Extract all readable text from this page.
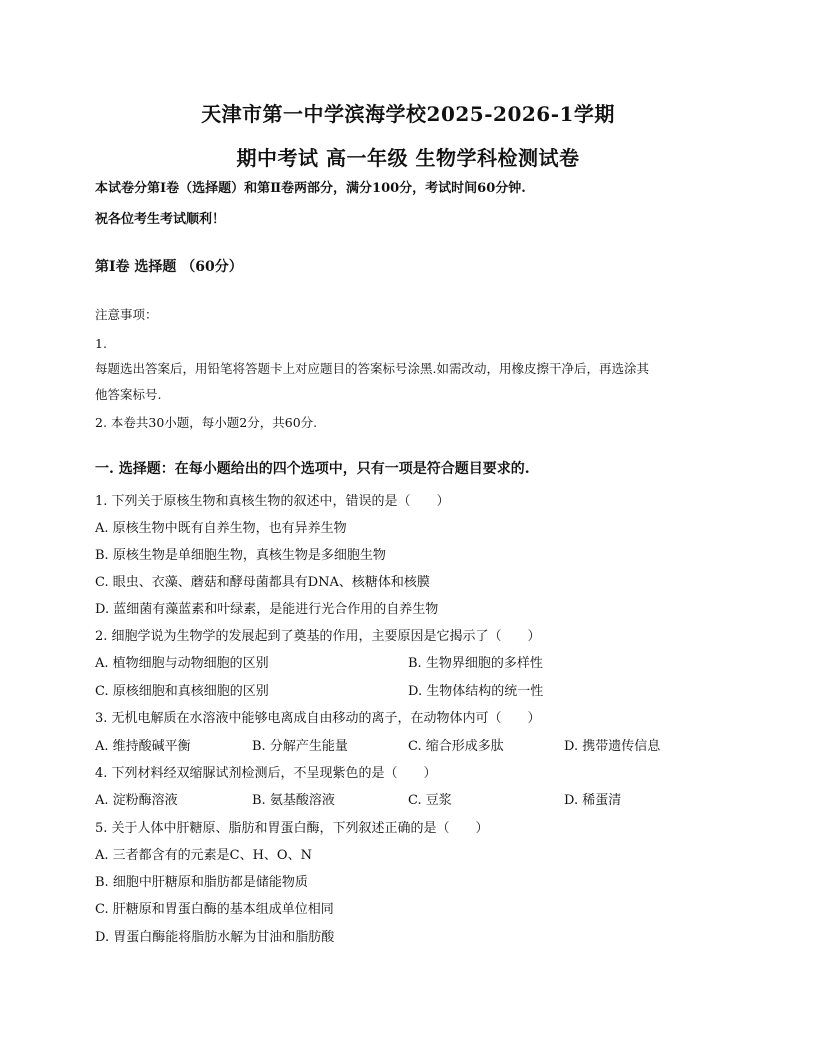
天津市第一中学滨海学校2025-2026-1学期
期中考试 高一年级 生物学科检测试卷
本试卷分第Ⅰ卷（选择题）和第Ⅱ卷两部分，满分100分，考试时间60分钟.
祝各位考生考试顺利！
第Ⅰ卷 选择题 （60分）
注意事项：
1.
每题选出答案后，用铅笔将答题卡上对应题目的答案标号涂黑.如需改动，用橡皮擦干净后，再选涂其
他答案标号.
2. 本卷共30小题，每小题2分，共60分.
一. 选择题：在每小题给出的四个选项中，只有一项是符合题目要求的.
1. 下列关于原核生物和真核生物的叙述中，错误的是（　　）
A. 原核生物中既有自养生物，也有异养生物
B. 原核生物是单细胞生物，真核生物是多细胞生物
C. 眼虫、衣藻、蘑菇和酵母菌都具有DNA、核糖体和核膜
D. 蓝细菌有藻蓝素和叶绿素，是能进行光合作用的自养生物
2. 细胞学说为生物学的发展起到了奠基的作用，主要原因是它揭示了（　　）
A. 植物细胞与动物细胞的区别	B. 生物界细胞的多样性
C. 原核细胞和真核细胞的区别	D. 生物体结构的统一性
3. 无机电解质在水溶液中能够电离成自由移动的离子，在动物体内可（　　）
A. 维持酸碱平衡	B. 分解产生能量	C. 缩合形成多肽	D. 携带遗传信息
4. 下列材料经双缩脲试剂检测后，不呈现紫色的是（　　）
A. 淀粉酶溶液	B. 氨基酸溶液	C. 豆浆	D. 稀蛋清
5. 关于人体中肝糖原、脂肪和胃蛋白酶，下列叙述正确的是（　　）
A. 三者都含有的元素是C、H、O、N
B. 细胞中肝糖原和脂肪都是储能物质
C. 肝糖原和胃蛋白酶的基本组成单位相同
D. 胃蛋白酶能将脂肪水解为甘油和脂肪酸
